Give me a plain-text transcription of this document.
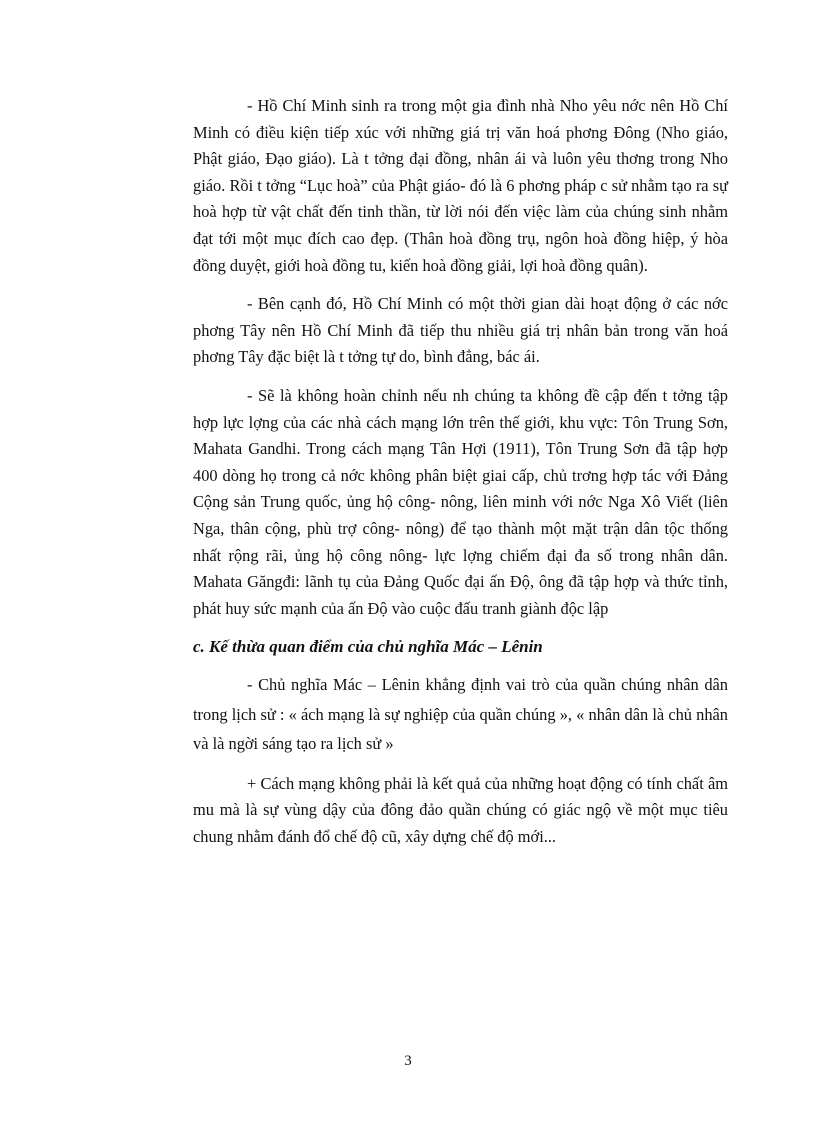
- Hồ Chí Minh sinh ra trong một gia đình nhà Nho yêu nớc nên Hồ Chí Minh có điều kiện tiếp xúc với những giá trị văn hoá phơng Đông (Nho giáo, Phật giáo, Đạo giáo). Là t tởng đại đồng, nhân ái và luôn yêu thơng trong Nho giáo. Rồi t tởng “Lục hoà” của Phật giáo- đó là 6 phơng pháp c sử nhằm tạo ra sự hoà hợp từ vật chất đến tinh thần, từ lời nói đến việc làm của chúng sinh nhằm đạt tới một mục đích cao đẹp. (Thân hoà đồng trụ, ngôn hoà đồng hiệp, ý hòa đồng duyệt, giới hoà đồng tu, kiến hoà đồng giải, lợi hoà đồng quân).

- Bên cạnh đó, Hồ Chí Minh có một thời gian dài hoạt động ở các nớc phơng Tây nên Hồ Chí Minh đã tiếp thu nhiều giá trị nhân bản trong văn hoá phơng Tây đặc biệt là t tởng tự do, bình đẳng, bác ái.

- Sẽ là không hoàn chỉnh nếu nh chúng ta không đề cập đến t tởng tập hợp lực lợng của các nhà cách mạng lớn trên thế giới, khu vực: Tôn Trung Sơn, Mahata Gandhi. Trong cách mạng Tân Hợi (1911), Tôn Trung Sơn đã tập hợp 400 dòng họ trong cả nớc không phân biệt giai cấp, chủ trơng hợp tác với Đảng Cộng sản Trung quốc, ủng hộ công- nông, liên minh với nớc Nga Xô Viết (liên Nga, thân cộng, phù trợ công- nông) để tạo thành một mặt trận dân tộc thống nhất rộng rãi, ủng hộ công nông- lực lợng chiếm đại đa số trong nhân dân. Mahata Găngđi: lãnh tụ của Đảng Quốc đại ấn Độ, ông đã tập hợp và thức tỉnh, phát huy sức mạnh của ấn Độ vào cuộc đấu tranh giành độc lập

c. Kế thừa quan điểm của chủ nghĩa Mác – Lênin

- Chủ nghĩa Mác – Lênin khẳng định vai trò của quần chúng nhân dân trong lịch sử : « ách mạng là sự nghiệp của quần chúng », « nhân dân là chủ nhân và là ngời sáng tạo ra lịch sử »

+ Cách mạng không phải là kết quả của những hoạt động có tính chất âm mu mà là sự vùng dậy của đông đảo quần chúng có giác ngộ về một mục tiêu chung nhằm đánh đổ chế độ cũ, xây dựng chế độ mới...

3
